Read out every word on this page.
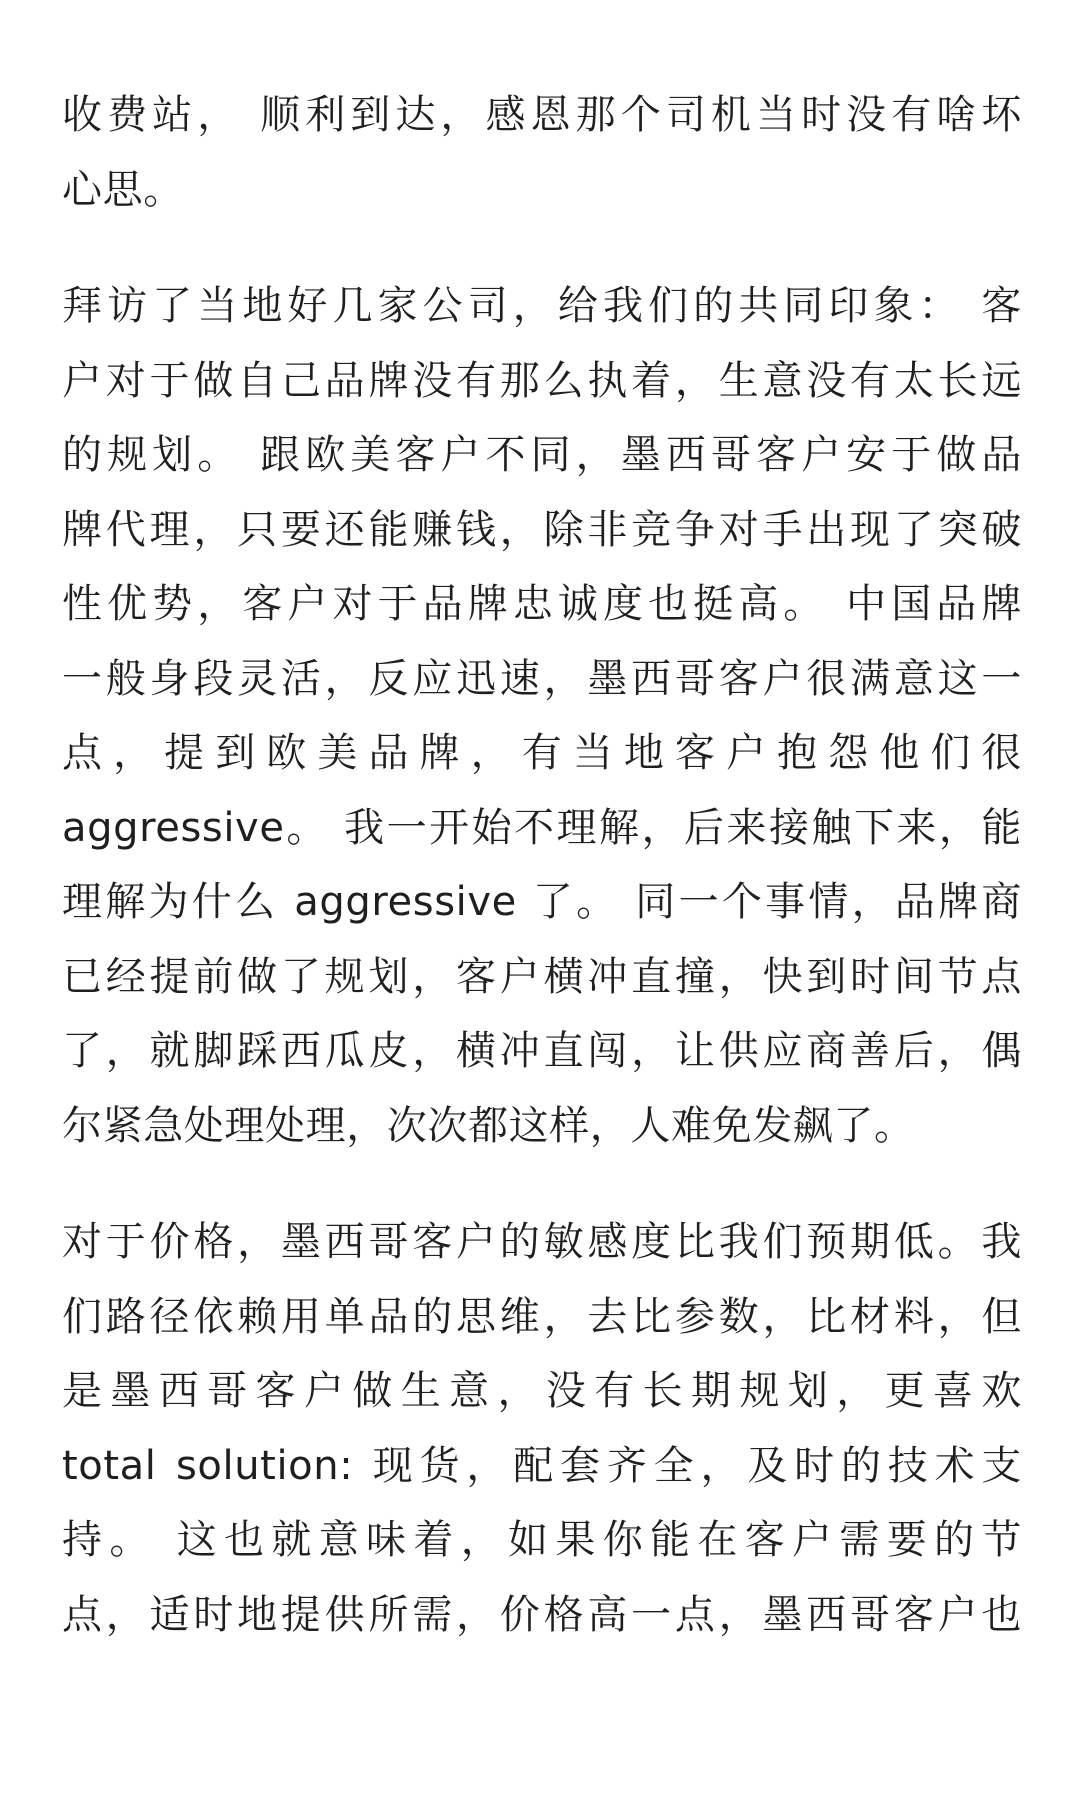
收费站， 顺利到达，感恩那个司机当时没有啥坏
心思。

拜访了当地好几家公司，给我们的共同印象： 客
户对于做自己品牌没有那么执着，生意没有太长远
的规划。 跟欧美客户不同，墨西哥客户安于做品
牌代理，只要还能赚钱，除非竞争对手出现了突破
性优势，客户对于品牌忠诚度也挺高。 中国品牌
一般身段灵活，反应迅速，墨西哥客户很满意这一
点，提到欧美品牌，有当地客户抱怨他们很
aggressive。 我一开始不理解，后来接触下来，能
理解为什么 aggressive 了。 同一个事情，品牌商
已经提前做了规划，客户横冲直撞，快到时间节点
了，就脚踩西瓜皮，横冲直闯，让供应商善后，偶
尔紧急处理处理，次次都这样，人难免发飙了。

对于价格，墨西哥客户的敏感度比我们预期低。我
们路径依赖用单品的思维，去比参数，比材料，但
是墨西哥客户做生意，没有长期规划，更喜欢
total solution: 现货，配套齐全，及时的技术支
持。 这也就意味着，如果你能在客户需要的节
点，适时地提供所需，价格高一点，墨西哥客户也
